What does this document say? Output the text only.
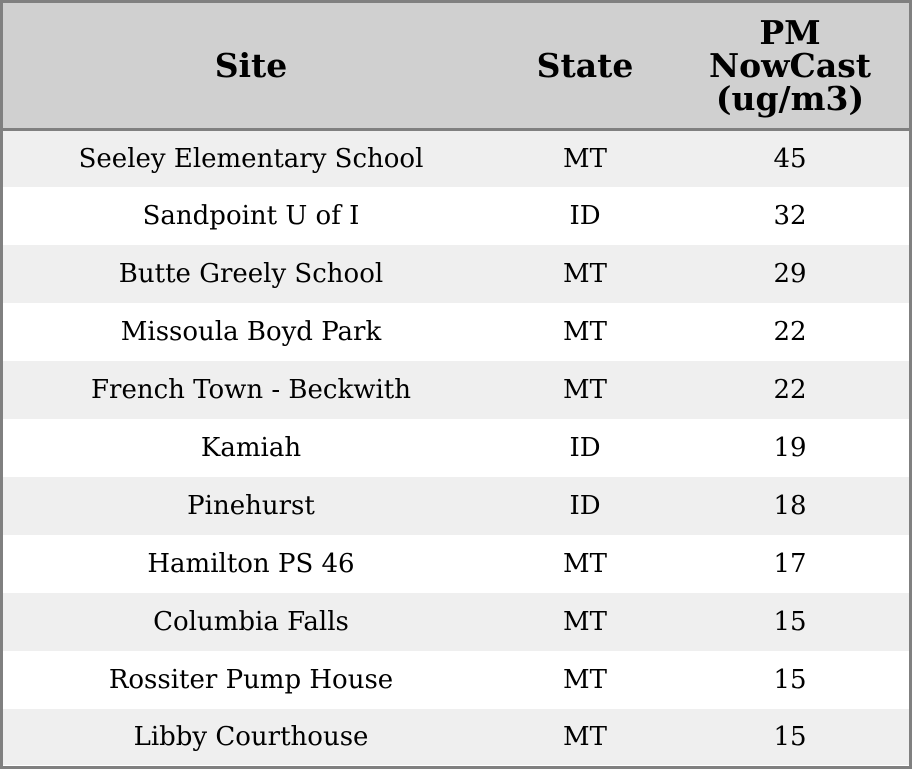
Site	State	PM NowCast (ug/m3)
Seeley Elementary School	MT	45
Sandpoint U of I	ID	32
Butte Greely School	MT	29
Missoula Boyd Park	MT	22
French Town - Beckwith	MT	22
Kamiah	ID	19
Pinehurst	ID	18
Hamilton PS 46	MT	17
Columbia Falls	MT	15
Rossiter Pump House	MT	15
Libby Courthouse	MT	15
